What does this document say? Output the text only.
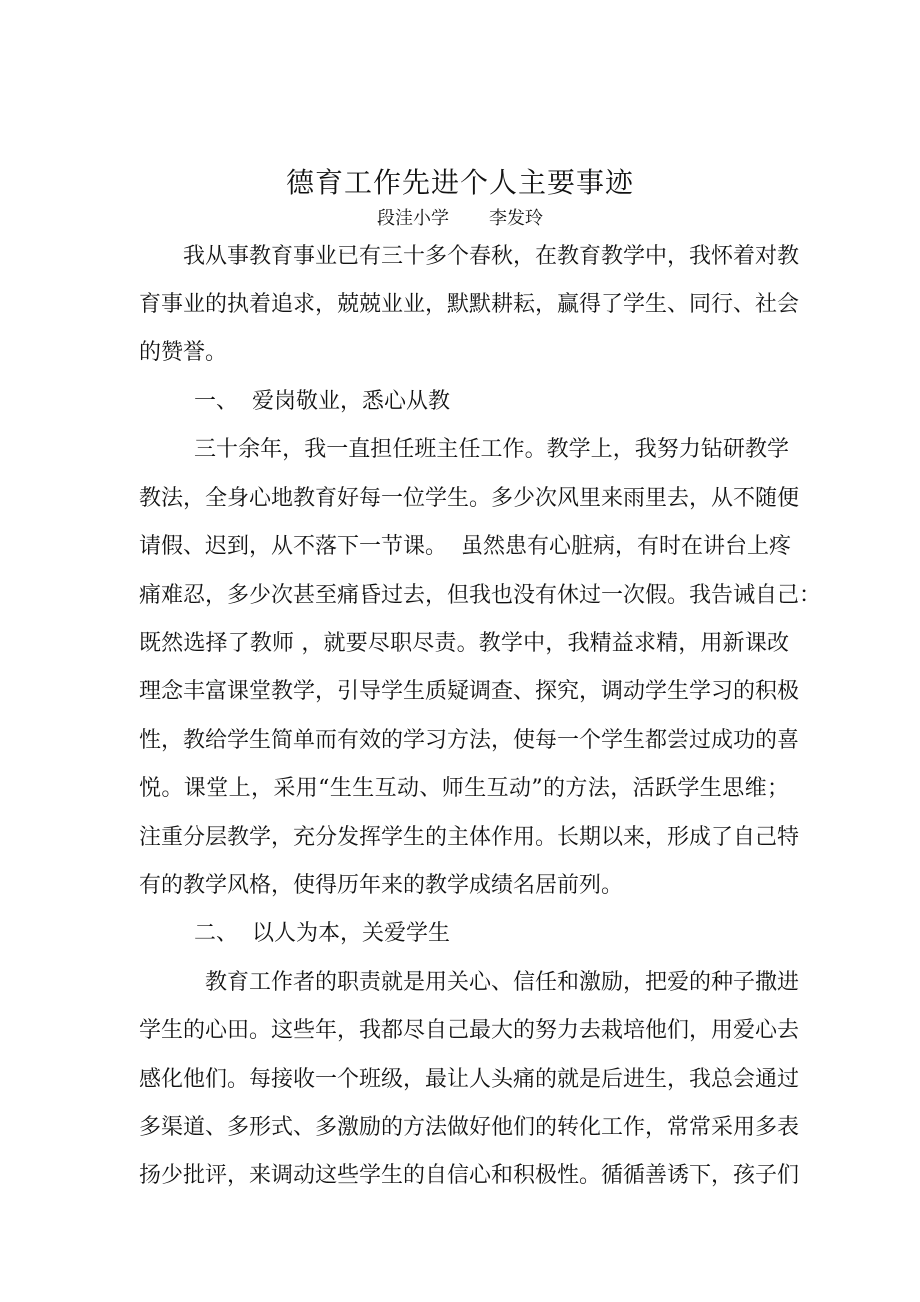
德育工作先进个人主要事迹
段洼小学 李发玲
我从事教育事业已有三十多个春秋，在教育教学中，我怀着对教
育事业的执着追求，兢兢业业，默默耕耘，赢得了学生、同行、社会
的赞誉。
一、  爱岗敬业，悉心从教
三十余年，我一直担任班主任工作。教学上，我努力钻研教学
教法，全身心地教育好每一位学生。多少次风里来雨里去，从不随便
请假、迟到，从不落下一节课。  虽然患有心脏病，有时在讲台上疼
痛难忍，多少次甚至痛昏过去，但我也没有休过一次假。我告诫自己：
既然选择了教师 ，就要尽职尽责。教学中，我精益求精，用新课改
理念丰富课堂教学，引导学生质疑调查、探究，调动学生学习的积极
性，教给学生简单而有效的学习方法，使每一个学生都尝过成功的喜
悦。课堂上，采用“生生互动、师生互动”的方法，活跃学生思维；
注重分层教学，充分发挥学生的主体作用。长期以来，形成了自己特
有的教学风格，使得历年来的教学成绩名居前列。
二、  以人为本，关爱学生
教育工作者的职责就是用关心、信任和激励，把爱的种子撒进
学生的心田。这些年，我都尽自己最大的努力去栽培他们，用爱心去
感化他们。每接收一个班级，最让人头痛的就是后进生，我总会通过
多渠道、多形式、多激励的方法做好他们的转化工作，常常采用多表
扬少批评，来调动这些学生的自信心和积极性。循循善诱下，孩子们
